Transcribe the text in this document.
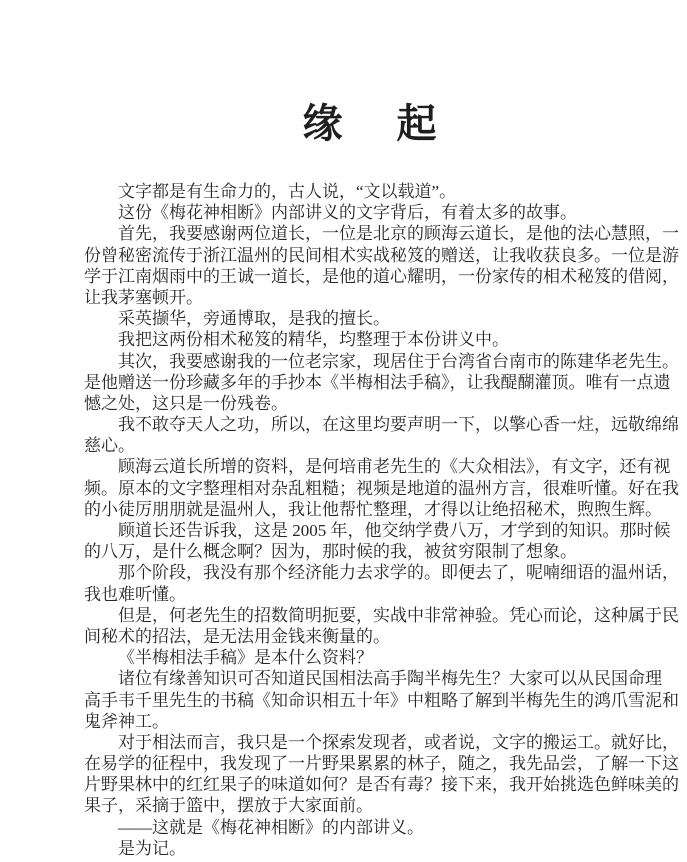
缘 起
文字都是有生命力的，古人说，“文以载道”。
这份《梅花神相断》内部讲义的文字背后，有着太多的故事。
首先，我要感谢两位道长，一位是北京的顾海云道长，是他的法心慧照，一
份曾秘密流传于浙江温州的民间相术实战秘笈的赠送，让我收获良多。一位是游
学于江南烟雨中的王诚一道长，是他的道心耀明，一份家传的相术秘笈的借阅，
让我茅塞顿开。
采英撷华，旁通博取，是我的擅长。
我把这两份相术秘笈的精华，均整理于本份讲义中。
其次，我要感谢我的一位老宗家，现居住于台湾省台南市的陈建华老先生。
是他赠送一份珍藏多年的手抄本《半梅相法手稿》，让我醍醐灌顶。唯有一点遗
憾之处，这只是一份残卷。
我不敢夺天人之功，所以，在这里均要声明一下，以擎心香一炷，远敬绵绵
慈心。
顾海云道长所增的资料，是何培甫老先生的《大众相法》，有文字，还有视
频。原本的文字整理相对杂乱粗糙；视频是地道的温州方言，很难听懂。好在我
的小徒厉朋朋就是温州人，我让他帮忙整理，才得以让绝招秘术，煦煦生辉。
顾道长还告诉我，这是 2005 年，他交纳学费八万，才学到的知识。那时候
的八万，是什么概念啊？因为，那时候的我，被贫穷限制了想象。
那个阶段，我没有那个经济能力去求学的。即便去了，呢喃细语的温州话，
我也难听懂。
但是，何老先生的招数简明扼要，实战中非常神验。凭心而论，这种属于民
间秘术的招法，是无法用金钱来衡量的。
《半梅相法手稿》是本什么资料？
诸位有缘善知识可否知道民国相法高手陶半梅先生？大家可以从民国命理
高手韦千里先生的书稿《知命识相五十年》中粗略了解到半梅先生的鸿爪雪泥和
鬼斧神工。
对于相法而言，我只是一个探索发现者，或者说，文字的搬运工。就好比，
在易学的征程中，我发现了一片野果累累的林子，随之，我先品尝，了解一下这
片野果林中的红红果子的味道如何？是否有毒？接下来，我开始挑选色鲜味美的
果子，采摘于篮中，摆放于大家面前。
——这就是《梅花神相断》的内部讲义。
是为记。
